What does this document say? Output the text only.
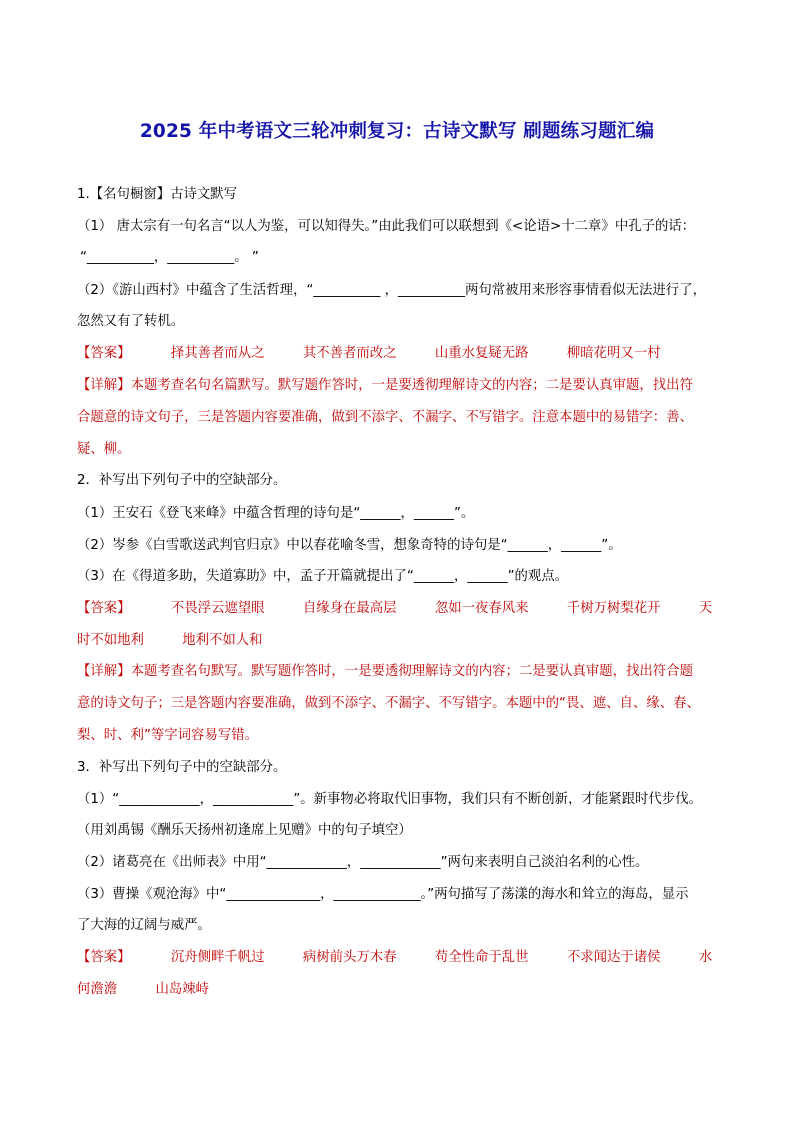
2025 年中考语文三轮冲刺复习：古诗文默写 刷题练习题汇编
1.【名句橱窗】古诗文默写
（1） 唐太宗有一句名言“以人为鉴，可以知得失。”由此我们可以联想到《<论语>十二章》中孔子的话：
“__________，__________。 ”
（2）《游山西村》中蕴含了生活哲理，“__________ ，__________两句常被用来形容事情看似无法进行了，
忽然又有了转机。
【答案】	择其善者而从之	其不善者而改之	山重水复疑无路	柳暗花明又一村
【详解】本题考查名句名篇默写。默写题作答时，一是要透彻理解诗文的内容；二是要认真审题，找出符
合题意的诗文句子，三是答题内容要准确，做到不添字、不漏字、不写错字。注意本题中的易错字：善、
疑、柳。
2．补写出下列句子中的空缺部分。
（1）王安石《登飞来峰》中蕴含哲理的诗句是“______，______”。
（2）岑参《白雪歌送武判官归京》中以春花喻冬雪，想象奇特的诗句是“______，______”。
（3）在《得道多助，失道寡助》中，孟子开篇就提出了“______，______”的观点。
【答案】	不畏浮云遮望眼	自缘身在最高层	忽如一夜春风来	千树万树梨花开	天
时不如地利	地利不如人和
【详解】本题考查名句默写。默写题作答时，一是要透彻理解诗文的内容；二是要认真审题，找出符合题
意的诗文句子；三是答题内容要准确，做到不添字、不漏字、不写错字。本题中的“畏、遮、自、缘、春、
梨、时、利”等字词容易写错。
3．补写出下列句子中的空缺部分。
（1）“____________，____________”。新事物必将取代旧事物，我们只有不断创新，才能紧跟时代步伐。
（用刘禹锡《酬乐天扬州初逢席上见赠》中的句子填空）
（2）诸葛亮在《出师表》中用“____________，____________”两句来表明自己淡泊名利的心性。
（3）曹操《观沧海》中“______________，_____________。”两句描写了荡漾的海水和耸立的海岛，显示
了大海的辽阔与威严。
【答案】	沉舟侧畔千帆过	病树前头万木春	苟全性命于乱世	不求闻达于诸侯	水
何澹澹	山岛竦峙
